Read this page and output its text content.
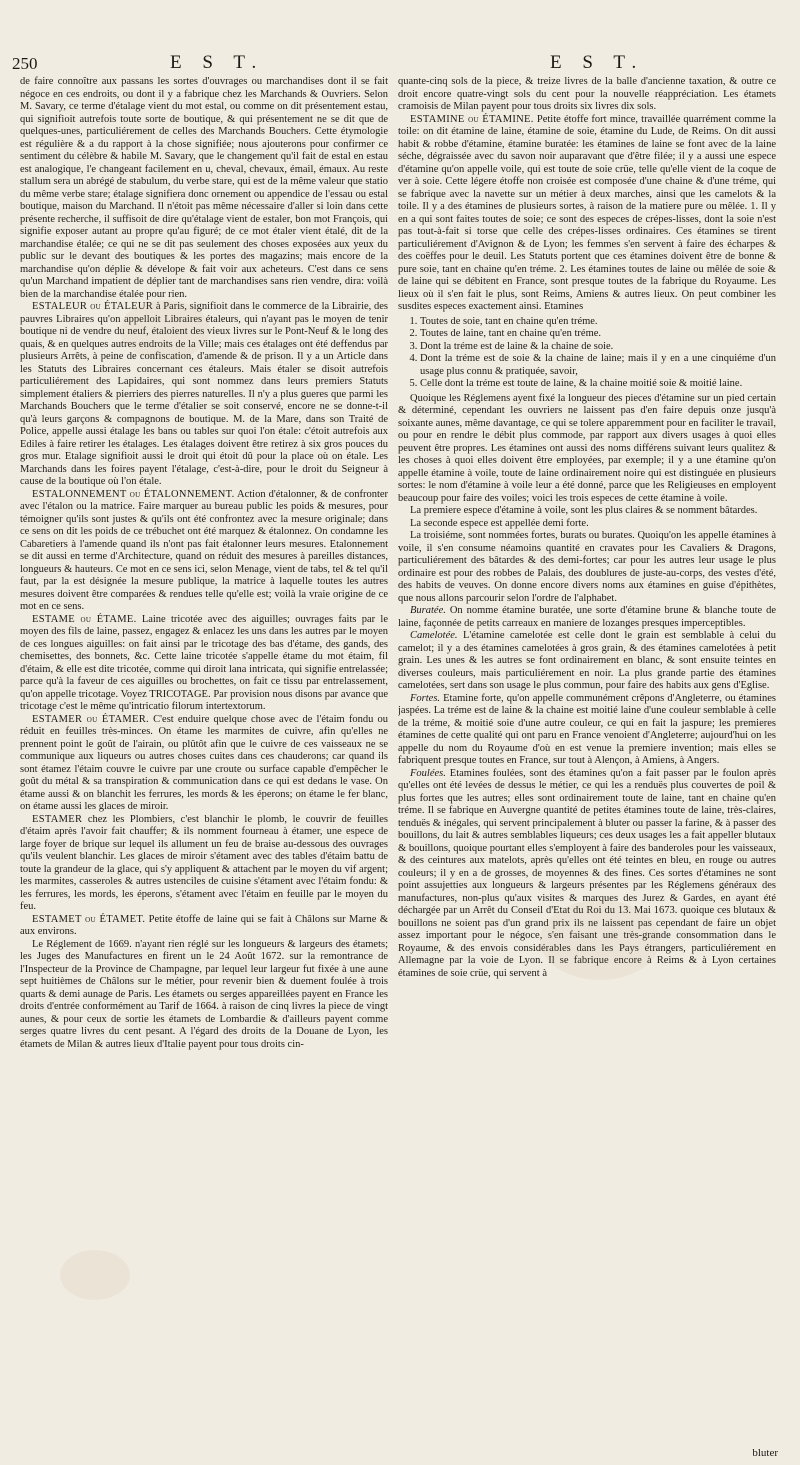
250	E S T.	E S T.

de faire connoître aux passans les sortes d'ouvrages ou marchandises dont il se fait négoce en ces endroits, ou dont il y a fabrique chez les Marchands & Ouvriers. Selon M. Savary, ce terme d'étalage vient du mot estal, ou comme on dit présentement estau, qui signifioit autrefois toute sorte de boutique, & qui présentement ne se dit que de quelques-unes, particuliérement de celles des Marchands Bouchers. Cette étymologie est régulière & a du rapport à la chose signifiée; nous ajouterons pour confirmer ce sentiment du célèbre & habile M. Savary, que le changement qu'il fait de estal en estau est analogique, l'e changeant facilement en u, cheval, chevaux, émail, émaux. Au reste stallum sera un abrégé de stabulum, du verbe stare, qui est de la même valeur que statio du même verbe stare; étalage signifiera donc ornement ou appendice de l'essau ou estal boutique, maison du Marchand. Il n'étoit pas même nécessaire d'aller si loin dans cette présente recherche, il suffisoit de dire qu'étalage vient de estaler, bon mot François, qui signifie exposer autant au propre qu'au figuré; de ce mot étaler vient étalé, dit de la marchandise étalée; ce qui ne se dit pas seulement des choses exposées aux yeux du public sur le devant des boutiques & les portes des magazins; mais encore de la marchandise qu'on déplie & dévelope & fait voir aux acheteurs. C'est dans ce sens qu'un Marchand impatient de déplier tant de marchandises sans rien vendre, dira: voilà bien de la marchandise étalée pour rien.

ESTALEUR ou ÉTALEUR à Paris, signifioit dans le commerce de la Librairie, des pauvres Libraires qu'on appelloit Libraires étaleurs, qui n'ayant pas le moyen de tenir boutique ni de vendre du neuf, étaloient des vieux livres sur le Pont-Neuf & le long des quais, & en quelques autres endroits de la Ville; mais ces étalages ont été deffendus par plusieurs Arrêts, à peine de confiscation, d'amende & de prison. Il y a un Article dans les Statuts des Libraires concernant ces étaleurs. Mais étaler se disoit autrefois particuliérement des Lapidaires, qui sont nommez dans leurs premiers Statuts simplement étaliers & pierriers des pierres naturelles. Il n'y a plus gueres que parmi les Marchands Bouchers que le terme d'étalier se soit conservé, encore ne se donne-t-il qu'à leurs garçons & compagnons de boutique. M. de la Mare, dans son Traité de Police, appelle aussi étalage les bans ou tables sur quoi l'on étale: c'étoit autrefois aux Ediles à faire retirer les étalages. Les étalages doivent être retirez à six gros pouces du gros mur. Etalage signifioit aussi le droit qui étoit dû pour la place où on étale. Les Marchands dans les foires payent l'étalage, c'est-à-dire, pour le droit du Seigneur à cause de la boutique où l'on étale.

ESTALONNEMENT ou ÉTALONNEMENT. Action d'étalonner, & de confronter avec l'étalon ou la matrice. Faire marquer au bureau public les poids & mesures, pour témoigner qu'ils sont justes & qu'ils ont été confrontez avec la mesure originale; dans ce sens on dit les poids de ce trébuchet ont été marquez & étalonnez. On condamne les Cabaretiers à l'amende quand ils n'ont pas fait étalonner leurs mesures. Etalonnement se dit aussi en terme d'Architecture, quand on réduit des mesures à pareilles distances, longueurs & hauteurs. Ce mot en ce sens ici, selon Menage, vient de tabs, tel & tel qu'il faut, par la est désignée la mesure publique, la matrice à laquelle toutes les autres mesures doivent être comparées & rendues telle qu'elle est; voilà la vraie origine de ce mot en ce sens.

ESTAME ou ÉTAME. Laine tricotée avec des aiguilles; ouvrages faits par le moyen des fils de laine, passez, engagez & enlacez les uns dans les autres par le moyen de ces longues aiguilles: on fait ainsi par le tricotage des bas d'étame, des gands, des chemisettes, des bonnets, &c. Cette laine tricotée s'appelle étame du mot étaim, fil d'étaim, & elle est dite tricotée, comme qui diroit lana intricata, qui signifie entrelassée; parce qu'à la faveur de ces aiguilles ou brochettes, on fait ce tissu par entrelassement, qu'on appelle tricotage. Voyez TRICOTAGE. Par provision nous disons par avance que tricotage c'est le même qu'intricatio filorum intertextorum.

ESTAMER ou ÉTAMER. C'est enduire quelque chose avec de l'étaim fondu ou réduit en feuilles très-minces. On étame les marmites de cuivre, afin qu'elles ne prennent point le goût de l'airain, ou plûtôt afin que le cuivre de ces vaisseaux ne se communique aux liqueurs ou autres choses cuites dans ces chauderons; car quand ils sont étamez l'étaim couvre le cuivre par une croute ou surface capable d'empêcher le goût du métal & sa transpiration & communication dans ce qui est dedans le vase. On étame aussi & on blanchit les ferrures, les mords & les éperons; on étame le fer blanc, on étame aussi les glaces de miroir.

ESTAMER chez les Plombiers, c'est blanchir le plomb, le couvrir de feuilles d'étaim après l'avoir fait chauffer; & ils nomment fourneau à étamer, une espece de large foyer de brique sur lequel ils allument un feu de braise au-dessous des ouvrages qu'ils veulent blanchir. Les glaces de miroir s'étament avec des tables d'étaim battu de toute la grandeur de la glace, qui s'y appliquent & attachent par le moyen du vif argent; les marmites, casseroles & autres ustenciles de cuisine s'étament avec l'étaim fondu: & les ferrures, les mords, les éperons, s'étament avec l'étaim en feuille par le moyen du feu.

ESTAMET ou ÉTAMET. Petite étoffe de laine qui se fait à Châlons sur Marne & aux environs.

Le Réglement de 1669. n'ayant rien réglé sur les longueurs & largeurs des étamets; les Juges des Manufactures en firent un le 24 Août 1672. sur la remontrance de l'Inspecteur de la Province de Champagne, par lequel leur largeur fut fixée à une aune sept huitièmes de Châlons sur le métier, pour revenir bien & duement foulée à trois quarts & demi aunage de Paris. Les étamets ou serges appareillées payent en France les droits d'entrée conformément au Tarif de 1664. à raison de cinq livres la piece de vingt aunes, & pour ceux de sortie les étamets de Lombardie & d'ailleurs payent comme serges quatre livres du cent pesant. A l'égard des droits de la Douane de Lyon, les étamets de Milan & autres lieux d'Italie payent pour tous droits cin-

quante-cinq sols de la piece, & treize livres de la balle d'ancienne taxation, & outre ce droit encore quatre-vingt sols du cent pour la nouvelle réappréciation. Les étamets cramoisis de Milan payent pour tous droits six livres dix sols.

ESTAMINE ou ÉTAMINE. Petite étoffe fort mince, travaillée quarrément comme la toile: on dit étamine de laine, étamine de soie, étamine du Lude, de Reims. On dit aussi habit & robbe d'étamine, étamine buratée: les étamines de laine se font avec de la laine séche, dégraissée avec du savon noir auparavant que d'être filée; il y a aussi une espece d'étamine qu'on appelle voile, qui est toute de soie crüe, telle qu'elle vient de la coque de ver à soie. Cette légere étoffe non croisée est composée d'une chaine & d'une tréme, qui se fabrique avec la navette sur un métier à deux marches, ainsi que les camelots & la toile. Il y a des étamines de plusieurs sortes, à raison de la matiere pure ou mêlée. 1. Il y en a qui sont faites toutes de soie; ce sont des especes de crépes-lisses, dont la soie n'est pas tout-à-fait si torse que celle des crépes-lisses ordinaires. Ces étamines se tirent particuliérement d'Avignon & de Lyon; les femmes s'en servent à faire des écharpes & des coëffes pour le deuil. Les Statuts portent que ces étamines doivent être de bonne & pure soie, tant en chaine qu'en tréme. 2. Les étamines toutes de laine ou mêlée de soie & de laine qui se débitent en France, sont presque toutes de la fabrique du Royaume. Les lieux où il s'en fait le plus, sont Reims, Amiens & autres lieux. On peut combiner les susdites especes exactement ainsi. Etamines

1. Toutes de soie, tant en chaine qu'en tréme.
2. Toutes de laine, tant en chaine qu'en tréme.
3. Dont la tréme est de laine & la chaine de soie.
4. Dont la tréme est de soie & la chaine de laine; mais il y en a une cinquiéme d'un usage plus connu & pratiquée, savoir,
5. Celle dont la tréme est toute de laine, & la chaine moitié soie & moitié laine.

Quoique les Réglemens ayent fixé la longueur des pieces d'étamine sur un pied certain & déterminé, cependant les ouvriers ne laissent pas d'en faire depuis onze jusqu'à soixante aunes, même davantage, ce qui se tolere apparemment pour en faciliter le travail, ou pour en rendre le débit plus commode, par rapport aux divers usages à quoi elles peuvent être propres. Les étamines ont aussi des noms différens suivant leurs qualitez & les choses à quoi elles doivent être employées, par exemple; il y a une étamine qu'on appelle étamine à voile, toute de laine ordinairement noire qui est distinguée en plusieurs sortes: le nom d'étamine à voile leur a été donné, parce que les Religieuses en employent beaucoup pour faire des voiles; voici les trois especes de cette étamine à voile.

La premiere espece d'étamine à voile, sont les plus claires & se nomment bâtardes.

La seconde espece est appellée demi forte.

La troisiéme, sont nommées fortes, burats ou burates. Quoiqu'on les appelle étamines à voile, il s'en consume néamoins quantité en cravates pour les Cavaliers & Dragons, particuliérement des bâtardes & des demi-fortes; car pour les autres leur usage le plus ordinaire est pour des robbes de Palais, des doublures de juste-au-corps, des vestes d'été, des habits de veuves. On donne encore divers noms aux étamines en guise d'épithètes, que nous allons parcourir selon l'ordre de l'alphabet.

Buratée. On nomme étamine buratée, une sorte d'étamine brune & blanche toute de laine, façonnée de petits carreaux en maniere de lozanges presques imperceptibles.

Camelotée. L'étamine camelotée est celle dont le grain est semblable à celui du camelot; il y a des étamines camelotées à gros grain, & des étamines camelotées à petit grain. Les unes & les autres se font ordinairement en blanc, & sont ensuite teintes en diverses couleurs, mais particuliérement en noir. La plus grande partie des étamines camelotées, sert dans son usage le plus commun, pour faire des habits aux gens d'Eglise.

Fortes. Etamine forte, qu'on appelle communément crêpons d'Angleterre, ou étamines jaspées. La tréme est de laine & la chaine est moitié laine d'une couleur semblable à celle de la tréme, & moitié soie d'une autre couleur, ce qui en fait la jaspure; les premieres étamines de cette qualité qui ont paru en France venoient d'Angleterre; aujourd'hui on les appelle du nom du Royaume d'où en est venue la premiere invention; mais elles se fabriquent presque toutes en France, sur tout à Alençon, à Amiens, à Angers.

Foulées. Etamines foulées, sont des étamines qu'on a fait passer par le foulon après qu'elles ont été levées de dessus le métier, ce qui les a renduës plus couvertes de poil & plus fortes que les autres; elles sont ordinairement toute de laine, tant en chaine qu'en tréme. Il se fabrique en Auvergne quantité de petites étamines toute de laine, très-claires, tenduës & inégales, qui servent principalement à bluter ou passer la farine, & à passer des bouillons, du lait & autres semblables liqueurs; ces deux usages les a fait appeller blutaux & bouillons, quoique pourtant elles s'employent à faire des banderoles pour les vaisseaux, & des ceintures aux matelots, après qu'elles ont été teintes en bleu, en rouge ou autres couleurs; il y en a de grosses, de moyennes & des fines. Ces sortes d'étamines ne sont point assujetties aux longueurs & largeurs présentes par les Réglemens généraux des manufactures, non-plus qu'aux visites & marques des Jurez & Gardes, en ayant été déchargée par un Arrêt du Conseil d'Etat du Roi du 13. Mai 1673. quoique ces blutaux & bouillons ne soient pas d'un grand prix ils ne laissent pas cependant de faire un objet assez important pour le négoce, s'en faisant une très-grande consommation dans le Royaume, & des envois considérables dans les Pays étrangers, particuliérement en Allemagne par la voie de Lyon. Il se fabrique encore à Reims & à Lyon certaines étamines de soie crüe, qui servent à

bluter
